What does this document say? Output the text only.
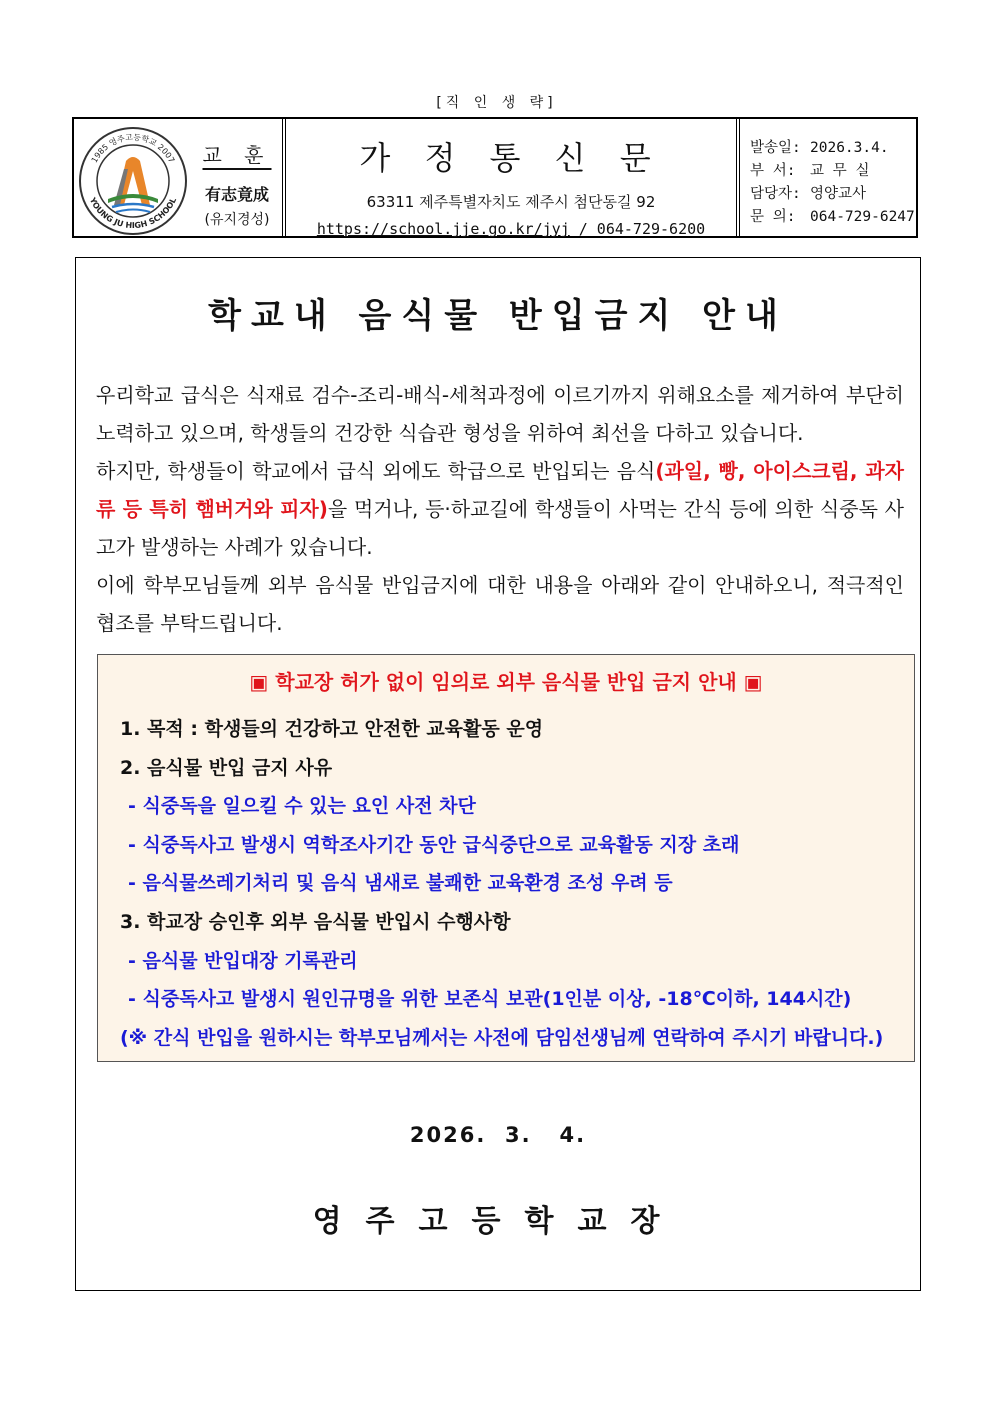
[직 인 생 략]
1985 영주고등학교 2007
YOUNG JU HIGH SCHOOL
교 훈
有志竟成
(유지경성)
가 정 통 신 문
63311 제주특별자치도 제주시 첨단동길 92
https://school.jje.go.kr/jyj / 064-729-6200
발송일: 2026.3.4.
부 서:	교 무 실
담당자: 영양교사
문 의:	064-729-6247
학교내 음식물 반입금지 안내

우리학교 급식은 식재료 검수-조리-배식-세척과정에 이르기까지 위해요소를 제거하여 부단히 노력하고 있으며, 학생들의 건강한 식습관 형성을 위하여 최선을 다하고 있습니다.

하지만, 학생들이 학교에서 급식 외에도 학급으로 반입되는 음식(과일, 빵, 아이스크림, 과자류 등 특히 햄버거와 피자)을 먹거나, 등·하교길에 학생들이 사먹는 간식 등에 의한 식중독 사고가 발생하는 사례가 있습니다.

이에 학부모님들께 외부 음식물 반입금지에 대한 내용을 아래와 같이 안내하오니, 적극적인 협조를 부탁드립니다.

▣ 학교장 허가 없이 임의로 외부 음식물 반입 금지 안내 ▣
1. 목적 : 학생들의 건강하고 안전한 교육활동 운영
2. 음식물 반입 금지 사유
- 식중독을 일으킬 수 있는 요인 사전 차단
- 식중독사고 발생시 역학조사기간 동안 급식중단으로 교육활동 지장 초래
- 음식물쓰레기처리 및 음식 냄새로 불쾌한 교육환경 조성 우려 등
3. 학교장 승인후 외부 음식물 반입시 수행사항
- 음식물 반입대장 기록관리
- 식중독사고 발생시 원인규명을 위한 보존식 보관(1인분 이상, -18℃이하, 144시간)
(※ 간식 반입을 원하시는 학부모님께서는 사전에 담임선생님께 연락하여 주시기 바랍니다.)
2026.  3.   4.
영주고등학교장
